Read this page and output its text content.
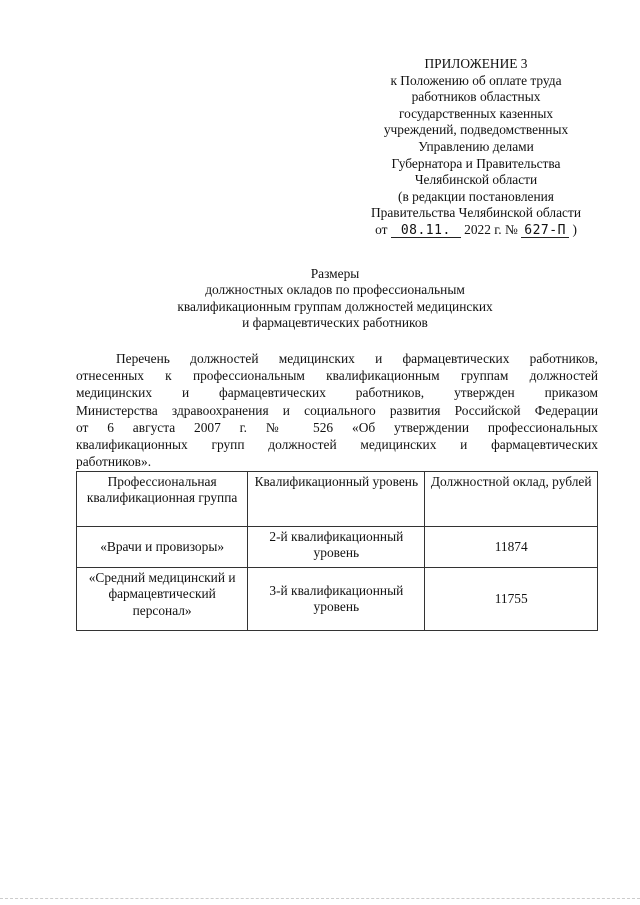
ПРИЛОЖЕНИЕ 3
к Положению об оплате труда
работников областных
государственных казенных
учреждений, подведомственных
Управлению делами
Губернатора и Правительства
Челябинской области
(в редакции постановления
Правительства Челябинской области
от 08.11. 2022 г. № 627-П )
Размеры
должностных окладов по профессиональным
квалификационным группам должностей медицинских
и фармацевтических работников
Перечень должностей медицинских и фармацевтических работников,
отнесенных к профессиональным квалификационным группам должностей
медицинских и фармацевтических работников, утвержден приказом
Министерства здравоохранения и социального развития Российской Федерации
от 6 августа 2007 г. № 526 «Об утверждении профессиональных
квалификационных групп должностей медицинских и фармацевтических
работников».
Профессиональная квалификационная группа	Квалификационный уровень	Должностной оклад, рублей
«Врачи и провизоры»	2-й квалификационный уровень	11874
«Средний медицинский и фармацевтический персонал»	3-й квалификационный уровень	11755
